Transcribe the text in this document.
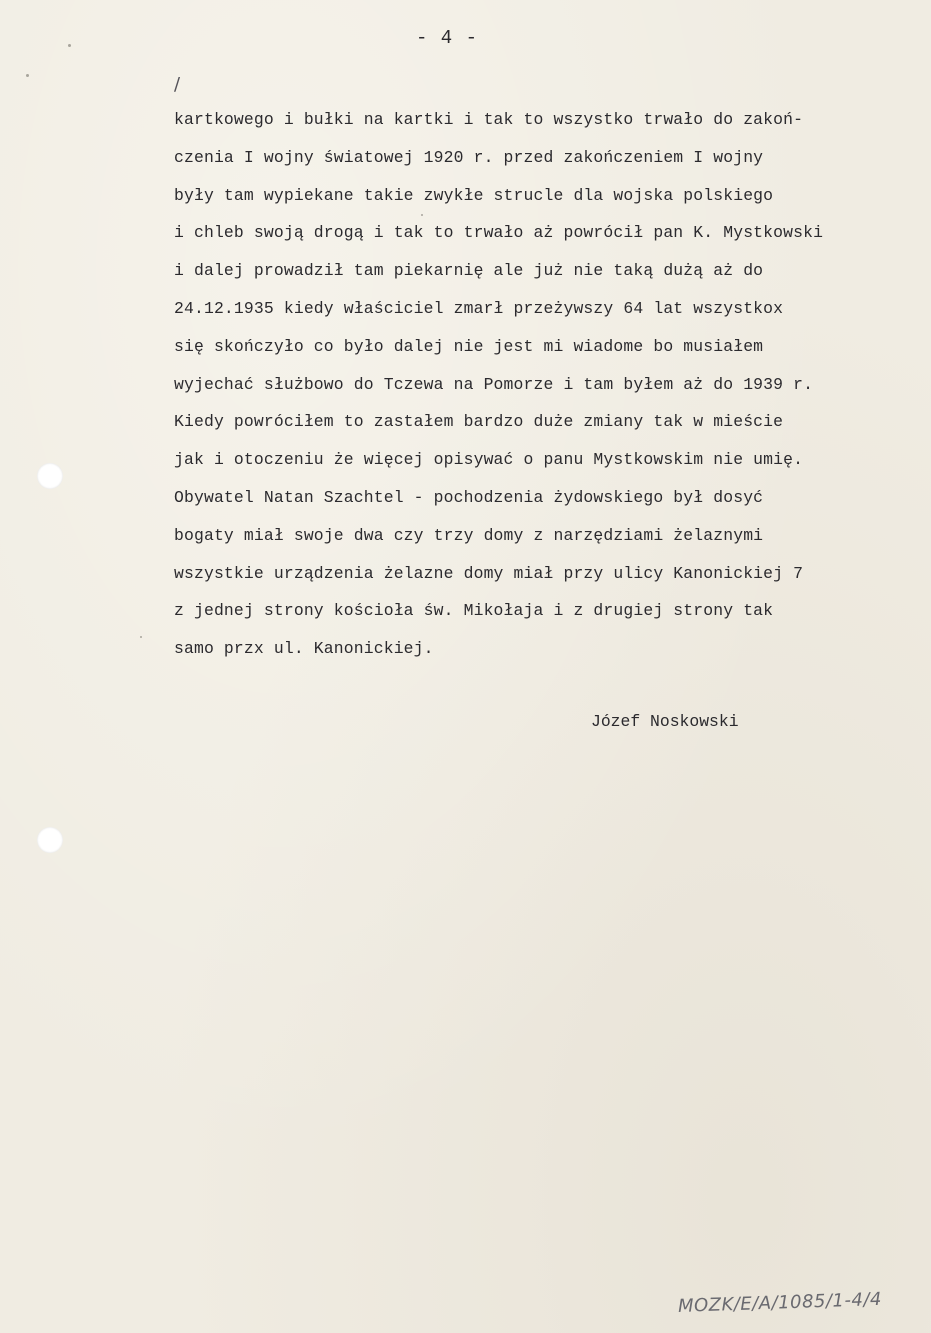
- 4 -
/
kartkowego i bułki na kartki i tak to wszystko trwało do zakoń-
czenia I wojny światowej 1920 r. przed zakończeniem I wojny
były tam wypiekane takie zwykłe strucle dla wojska polskiego
i chleb swoją drogą i tak to trwało aż powrócił pan K. Mystkowski
i dalej prowadził tam piekarnię ale już nie taką dużą aż do
24.12.1935 kiedy właściciel zmarł przeżywszy 64 lat wszystkox
się skończyło co było dalej nie jest mi wiadome bo musiałem
wyjechać służbowo do Tczewa na Pomorze i tam byłem aż do 1939 r.
Kiedy powróciłem to zastałem bardzo duże zmiany tak w mieście
jak i otoczeniu że więcej opisywać o panu Mystkowskim nie umię.
Obywatel Natan Szachtel - pochodzenia żydowskiego był dosyć
bogaty miał swoje dwa czy trzy domy z narzędziami żelaznymi
wszystkie urządzenia żelazne domy miał przy ulicy Kanonickiej 7
z jednej strony kościoła św. Mikołaja i z drugiej strony tak
samo przx ul. Kanonickiej.
Józef Noskowski
MOZK/E/A/1085/1-4/4
